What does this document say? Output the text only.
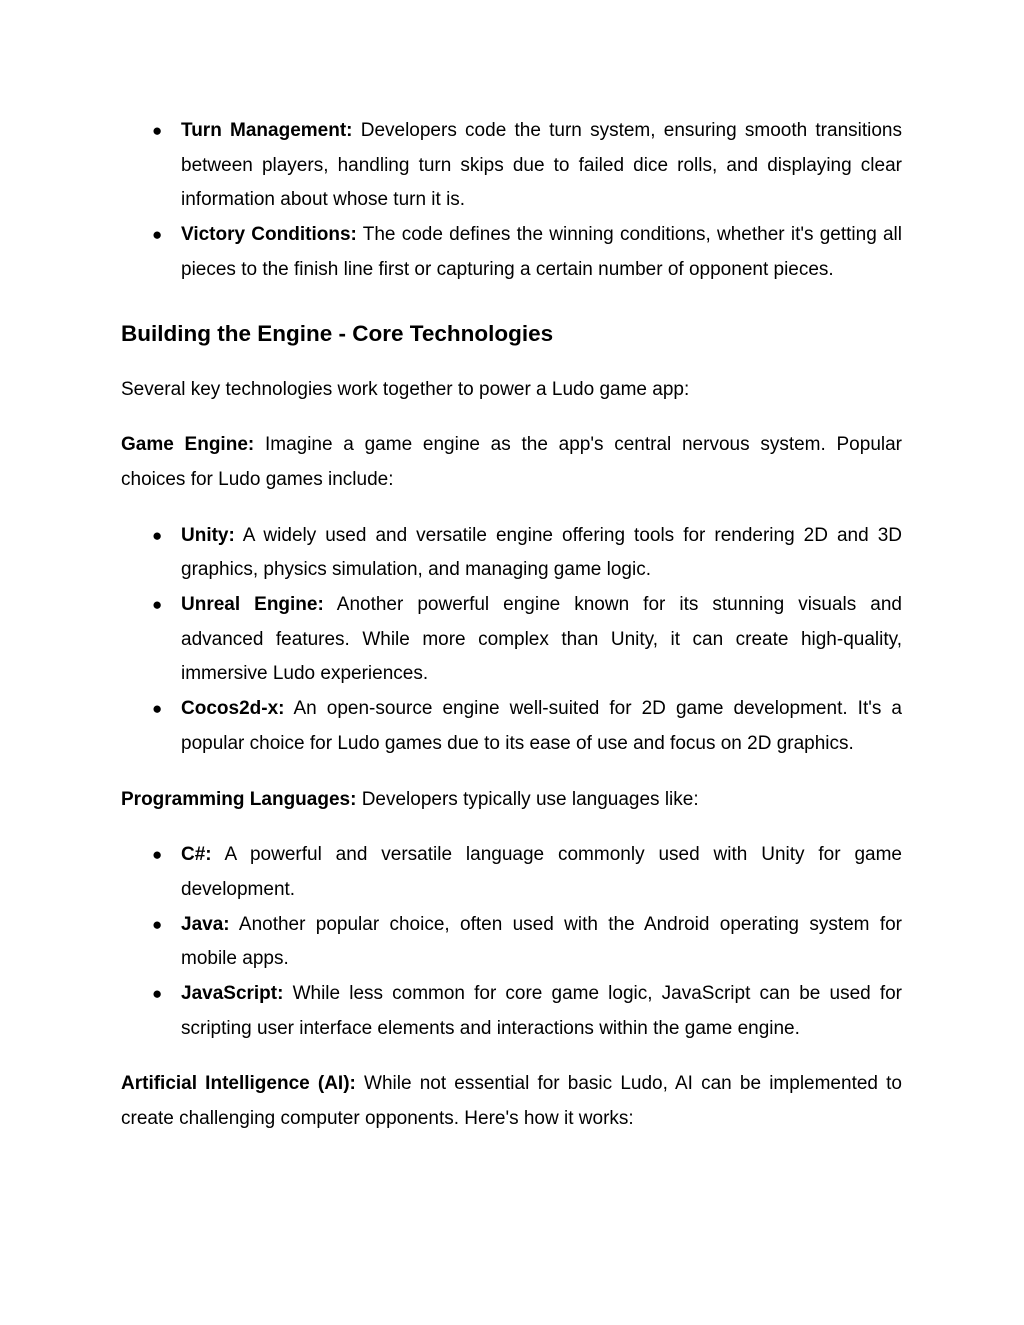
● Turn Management: Developers code the turn system, ensuring smooth transitions between players, handling turn skips due to failed dice rolls, and displaying clear information about whose turn it is.
● Victory Conditions: The code defines the winning conditions, whether it's getting all pieces to the finish line first or capturing a certain number of opponent pieces.
Building the Engine - Core Technologies

Several key technologies work together to power a Ludo game app:

Game Engine: Imagine a game engine as the app's central nervous system. Popular choices for Ludo games include:

● Unity: A widely used and versatile engine offering tools for rendering 2D and 3D graphics, physics simulation, and managing game logic.
● Unreal Engine: Another powerful engine known for its stunning visuals and advanced features. While more complex than Unity, it can create high-quality, immersive Ludo experiences.
● Cocos2d-x: An open-source engine well-suited for 2D game development. It's a popular choice for Ludo games due to its ease of use and focus on 2D graphics.

Programming Languages: Developers typically use languages like:

● C#: A powerful and versatile language commonly used with Unity for game development.
● Java: Another popular choice, often used with the Android operating system for mobile apps.
● JavaScript: While less common for core game logic, JavaScript can be used for scripting user interface elements and interactions within the game engine.

Artificial Intelligence (AI): While not essential for basic Ludo, AI can be implemented to create challenging computer opponents. Here's how it works:
